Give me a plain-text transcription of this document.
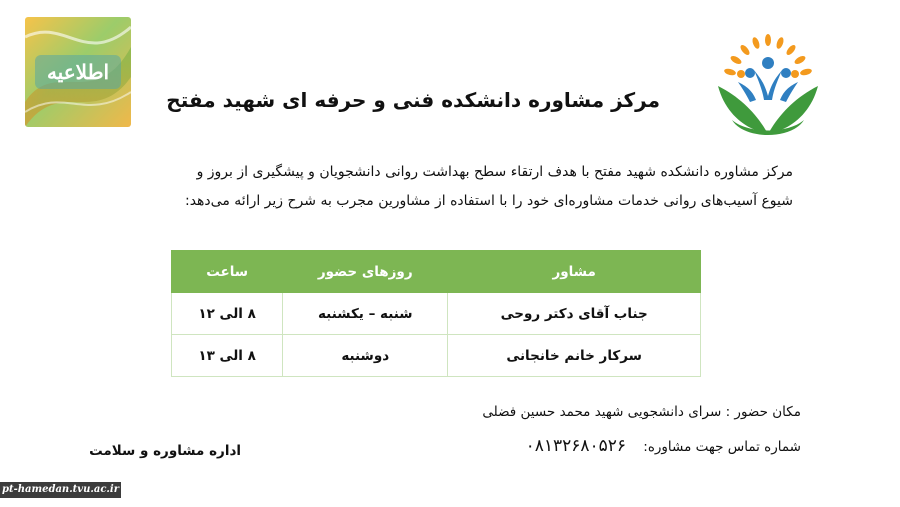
اطلاعیه
مرکز مشاوره دانشکده فنی و حرفه ای شهید مفتح
مرکز مشاوره دانشکده شهید مفتح با هدف ارتقاء سطح بهداشت روانی دانشجویان و پیشگیری از بروز و
شیوع آسیب‌های روانی خدمات مشاوره‌ای خود را با استفاده از مشاورین مجرب به شرح زیر ارائه می‌دهد:
مشاور	روزهای حضور	ساعت
جناب آقای دکتر روحی	شنبه – یکشنبه	۸ الی ۱۲
سرکار خانم خانجانی	دوشنبه	۸ الی ۱۳
مکان حضور : سرای دانشجویی شهید محمد حسین فضلی
شماره تماس جهت مشاوره:    ۰۸۱۳۲۶۸۰۵۲۶
اداره مشاوره و سلامت
pt-hamedan.tvu.ac.ir
